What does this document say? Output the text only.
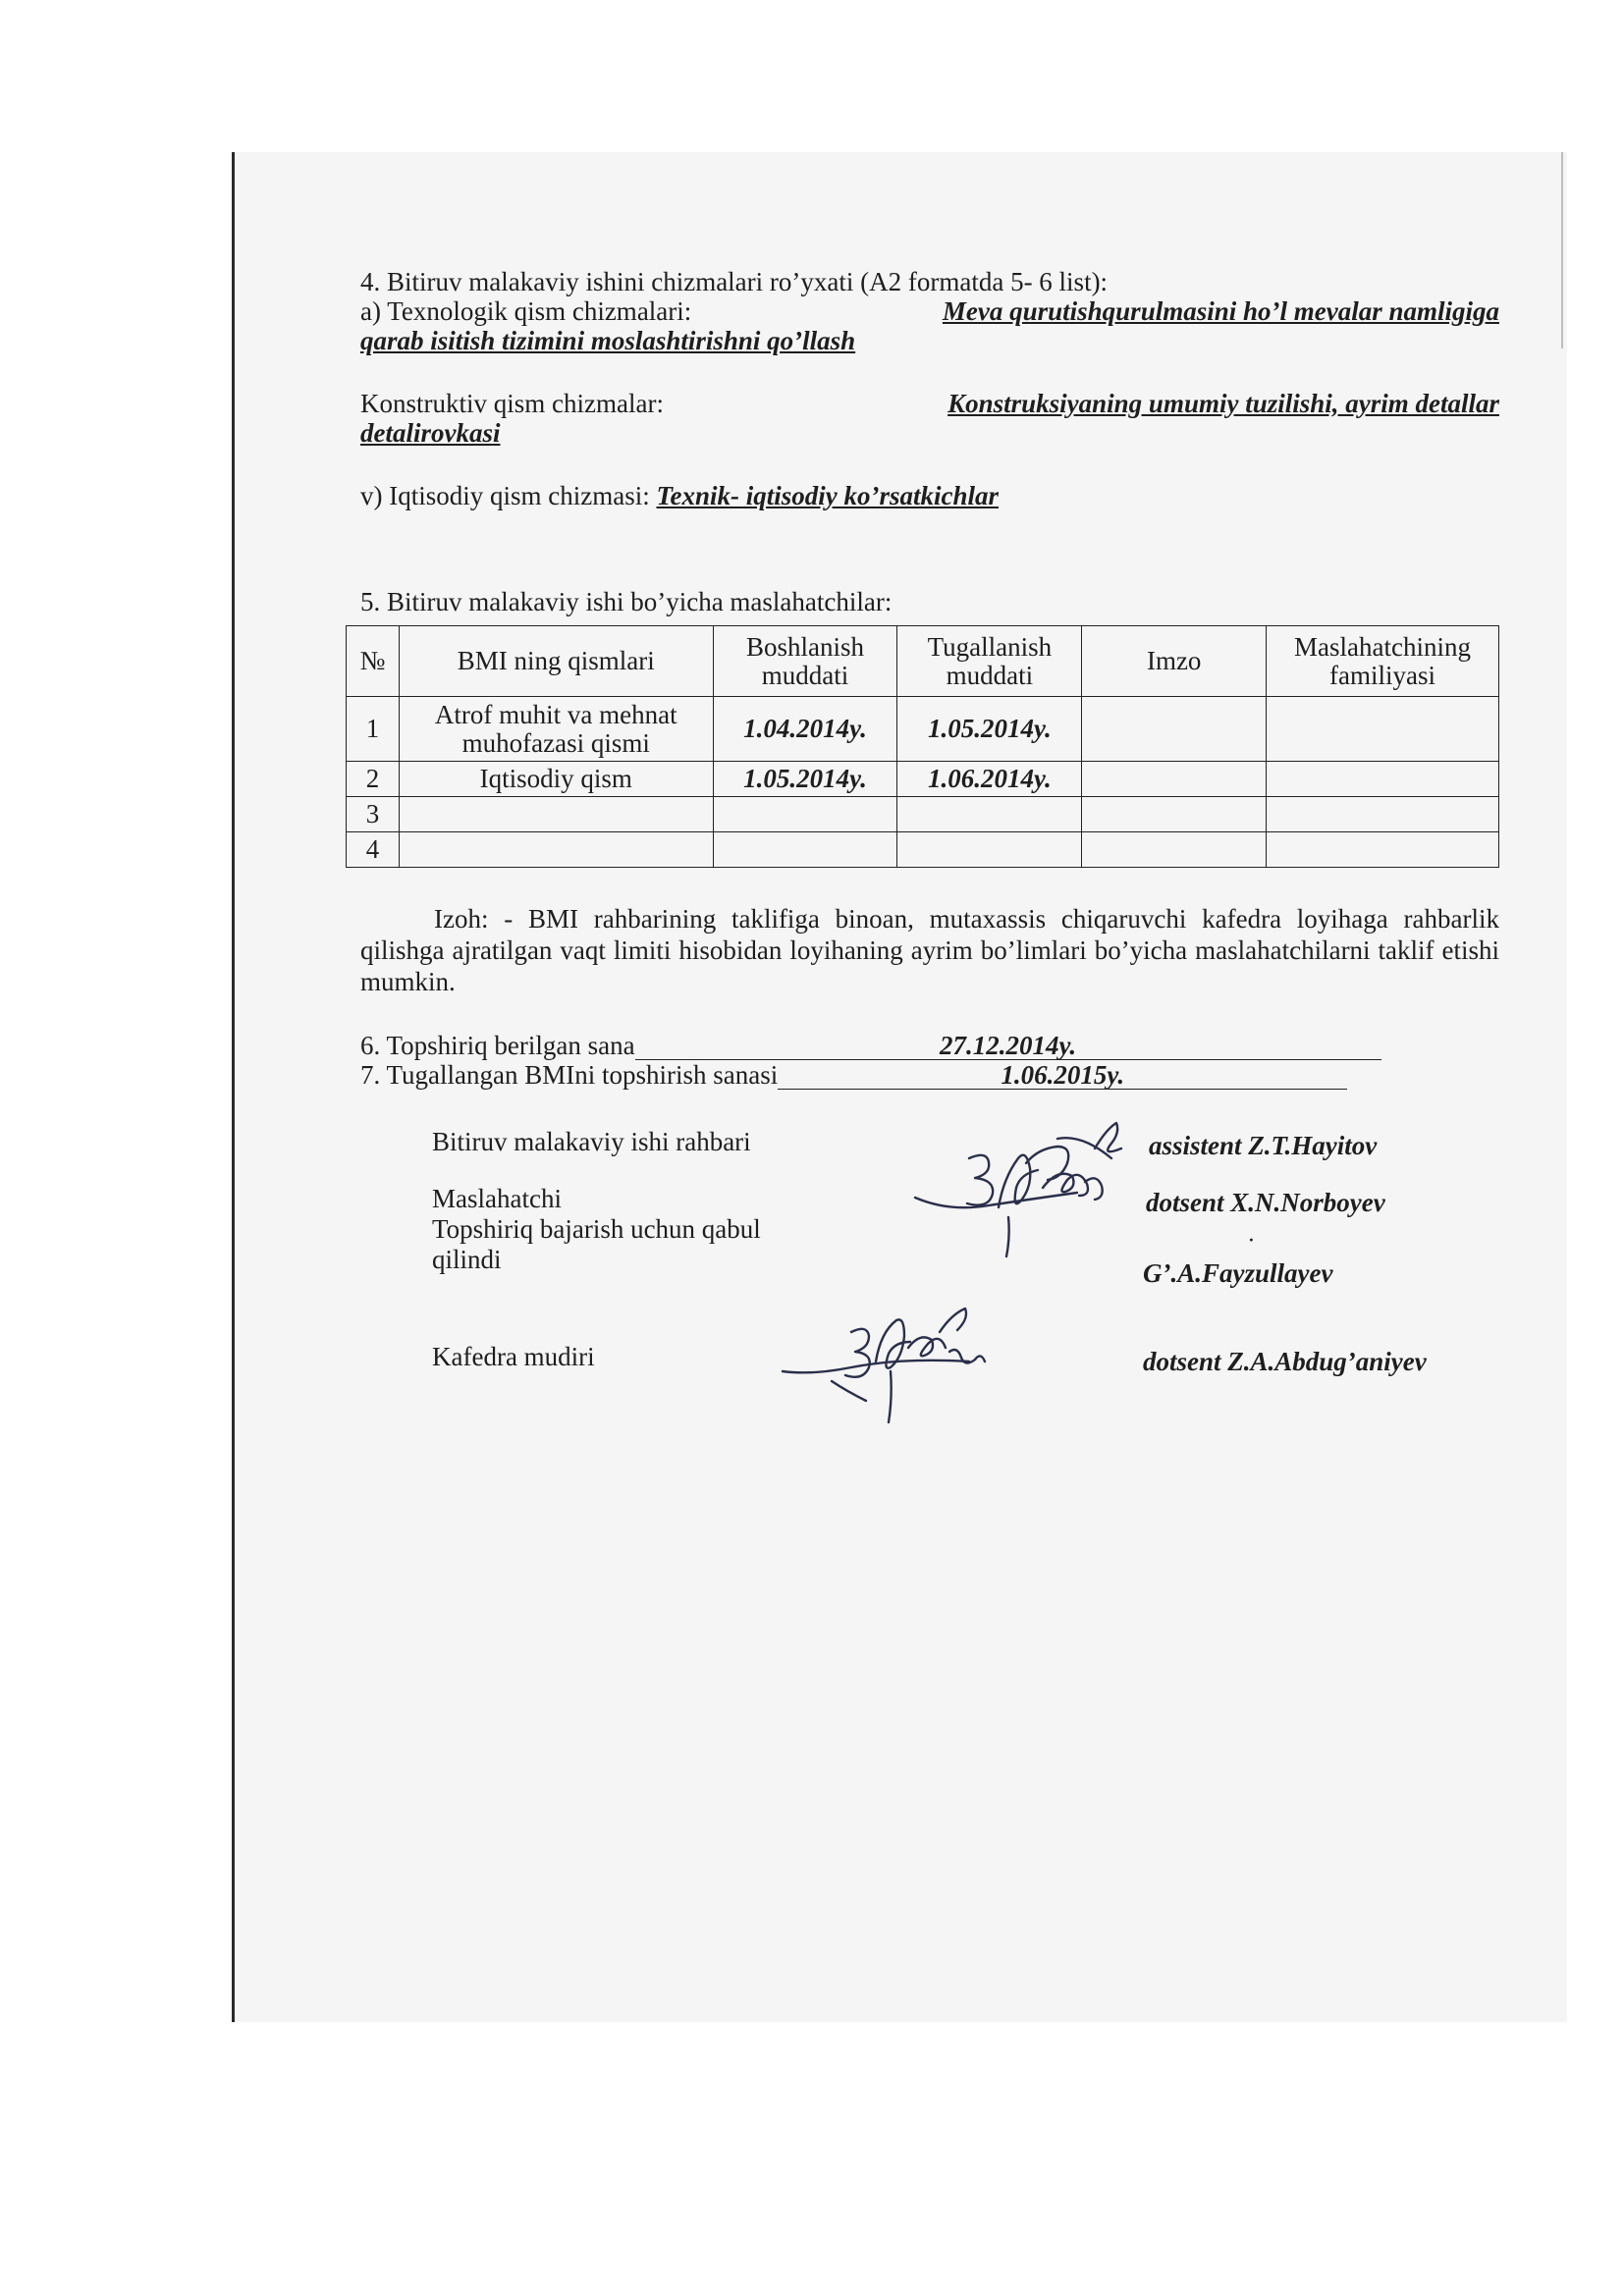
4. Bitiruv malakaviy ishini chizmalari ro’yxati (A2 formatda 5- 6 list):
a) Texnologik qism chizmalari:	Meva qurutishqurulmasini ho’l mevalar namligiga
qarab isitish tizimini moslashtirishni qo’llash
Konstruktiv qism chizmalar:	Konstruksiyaning umumiy tuzilishi, ayrim detallar
detalirovkasi
v) Iqtisodiy qism chizmasi: Texnik- iqtisodiy ko’rsatkichlar
5. Bitiruv malakaviy ishi bo’yicha maslahatchilar:
№	BMI ning qismlari	Boshlanish muddati	Tugallanish muddati	Imzo	Maslahatchining familiyasi
1	Atrof muhit va mehnat muhofazasi qismi	1.04.2014y.	1.05.2014y.		
2	Iqtisodiy qism	1.05.2014y.	1.06.2014y.		
3					
4					
Izoh: - BMI rahbarining taklifiga binoan, mutaxassis chiqaruvchi kafedra loyihaga rahbarlik qilishga ajratilgan vaqt limiti hisobidan loyihaning ayrim bo’limlari bo’yicha maslahatchilarni taklif etishi mumkin.
6. Topshiriq berilgan sana	27.12.2014y.
7. Tugallangan BMIni topshirish sanasi	1.06.2015y.
Bitiruv malakaviy ishi rahbari
Maslahatchi
Topshiriq bajarish uchun qabul
qilindi
Kafedra mudiri
assistent Z.T.Hayitov
dotsent X.N.Norboyev
·
G’.A.Fayzullayev
dotsent Z.A.Abdug’aniyev
